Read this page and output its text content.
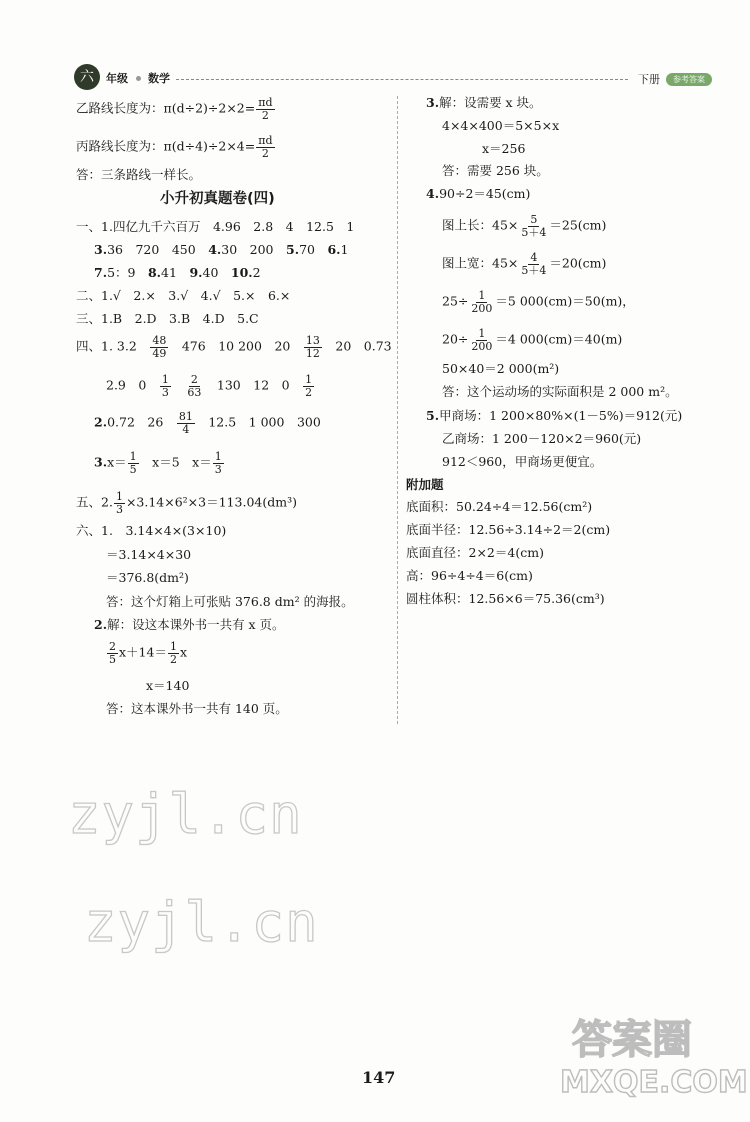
六	年级 数学	下册	参考答案
乙路线长度为：$\pi(d\div 2)\div 2\times 2= \frac{\pi d}{2}$
丙路线长度为：$\pi(d\div 4)\div 2\times 4= \frac{\pi d}{2}$
答：三条路线一样长。
小升初真题卷(四)
一、1.四亿九千六百万　4.96　2.8　4　12.5　1
3.36　720　450　4.30　200　5.70　6.1
7.5：9　8.41　9.40　10.2
二、1.√　2.×　3.√　4.√　5.×　6.×
三、1.B　2.D　3.B　4.D　5.C
四、1. 3.2　 $\frac{48}{49}$
　 476　10 200　20　 $\frac{13}{12}$
　 20　0.73
2.9　0　 $\frac{1}{3}$
　 $\frac{2}{63}$
　 130　12　0　 $\frac{1}{2}$
2.0.72　26　 $\frac{81}{4}$
　 12.5　1 000　300
$3.x= \frac{1}{5}$
　 x＝5　$x= \frac{1}{3}$
五、2. $\frac{1}{3} \times 3.14\times 6^2\times 3=113.04(dm^3)$
六、1.　 3.14×4×(3×10)
＝3.14×4×30
＝376.8(dm²)
答：这个灯箱上可张贴 376.8 dm² 的海报。
2.解：设这本课外书一共有 x 页。
$\frac{2}{5} x+14= \frac{1}{2}$ x
x＝140
答：这本课外书一共有 140 页。
3.解：设需要 x 块。
4×4×400＝5×5×x
x＝256
答：需要 256 块。
4.90÷2＝45(cm)
图上长：$45\times \frac{5}{5+4} =25(cm)$
图上宽：$45\times \frac{4}{5+4} =20(cm)$
$25\div \frac{1}{200} =5$ 000(cm)＝50(m)，
$20\div \frac{1}{200} =4$ 000(cm)＝40(m)
50×40＝2 000(m²)
答：这个运动场的实际面积是 2 000 m²。
5.甲商场：1 200×80%×(1－5%)＝912(元)
乙商场：1 200－120×2＝960(元)
912＜960，甲商场更便宜。
附加题
底面积：50.24÷4＝12.56(cm²)
底面半径：12.56÷3.14÷2＝2(cm)
底面直径：2×2＝4(cm)
高：96÷4÷4＝6(cm)
圆柱体积：12.56×6＝75.36(cm³)
zyjl.cn
zyjl.cn
答案圈
MXQE.COM
147
